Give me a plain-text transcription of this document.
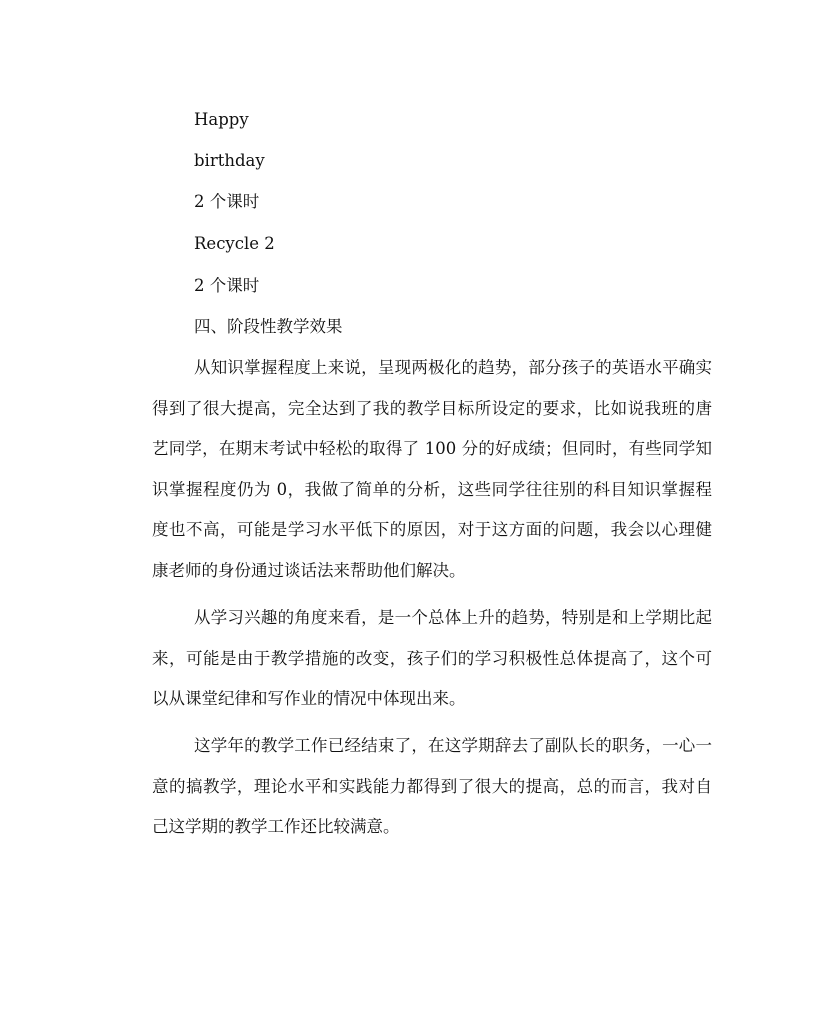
Happy
birthday
2 个课时
Recycle 2
2 个课时
四、阶段性教学效果

从知识掌握程度上来说，呈现两极化的趋势，部分孩子的英语水平确实得到了很大提高，完全达到了我的教学目标所设定的要求，比如说我班的唐艺同学，在期末考试中轻松的取得了 100 分的好成绩；但同时，有些同学知识掌握程度仍为 0，我做了简单的分析，这些同学往往别的科目知识掌握程度也不高，可能是学习水平低下的原因，对于这方面的问题，我会以心理健康老师的身份通过谈话法来帮助他们解决。

从学习兴趣的角度来看，是一个总体上升的趋势，特别是和上学期比起来，可能是由于教学措施的改变，孩子们的学习积极性总体提高了，这个可以从课堂纪律和写作业的情况中体现出来。

这学年的教学工作已经结束了，在这学期辞去了副队长的职务，一心一意的搞教学，理论水平和实践能力都得到了很大的提高，总的而言，我对自己这学期的教学工作还比较满意。
